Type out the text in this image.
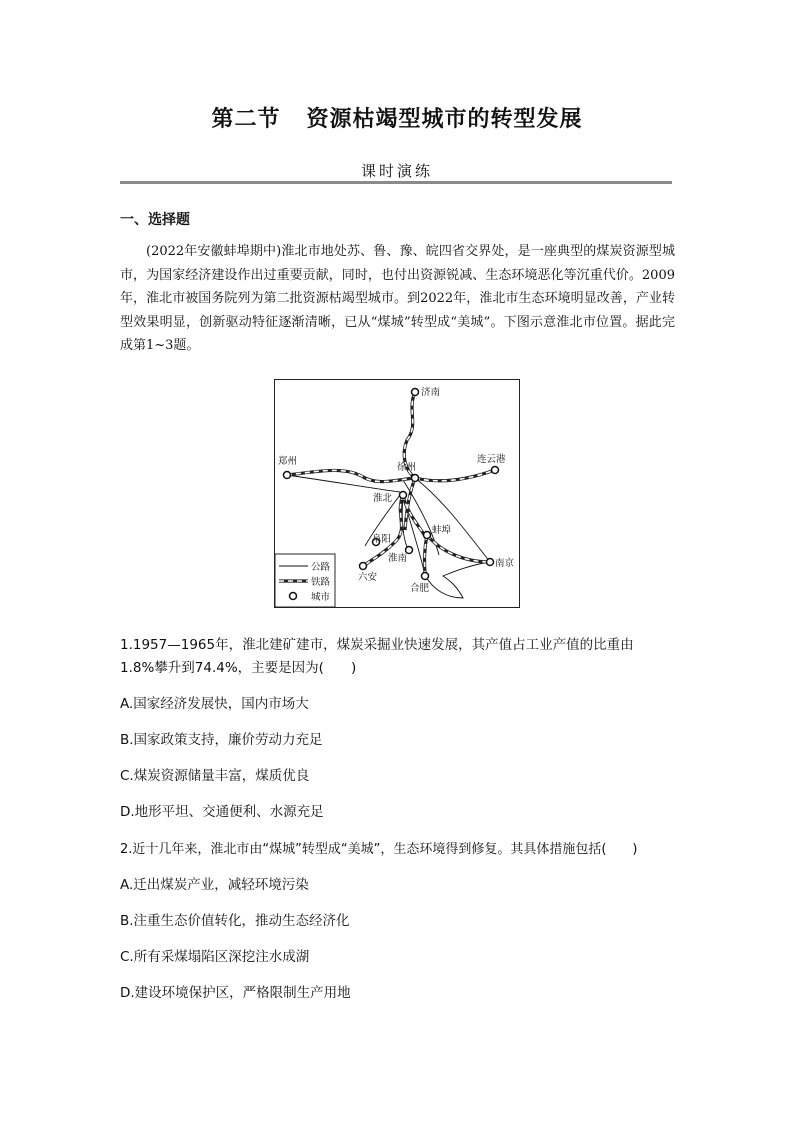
第二节 资源枯竭型城市的转型发展
课时演练
一、选择题

(2022年安徽蚌埠期中)淮北市地处苏、鲁、豫、皖四省交界处，是一座典型的煤炭资源型城市，为国家经济建设作出过重要贡献，同时，也付出资源锐减、生态环境恶化等沉重代价。2009年，淮北市被国务院列为第二批资源枯竭型城市。到2022年，淮北市生态环境明显改善，产业转型效果明显，创新驱动特征逐渐清晰，已从“煤城”转型成“美城”。下图示意淮北市位置。据此完成第1~3题。

济南
郑州
徐州
连云港
淮北
阜阳
蚌埠
淮南	南京
六安
合肥
公路
铁路
城市
1.1957—1965年，淮北建矿建市，煤炭采掘业快速发展，其产值占工业产值的比重由
1.8%攀升到74.4%，主要是因为(　　)
A.国家经济发展快，国内市场大
B.国家政策支持，廉价劳动力充足
C.煤炭资源储量丰富，煤质优良
D.地形平坦、交通便利、水源充足
2.近十几年来，淮北市由“煤城”转型成“美城”，生态环境得到修复。其具体措施包括(　　)
A.迁出煤炭产业，减轻环境污染
B.注重生态价值转化，推动生态经济化
C.所有采煤塌陷区深挖注水成湖
D.建设环境保护区，严格限制生产用地
